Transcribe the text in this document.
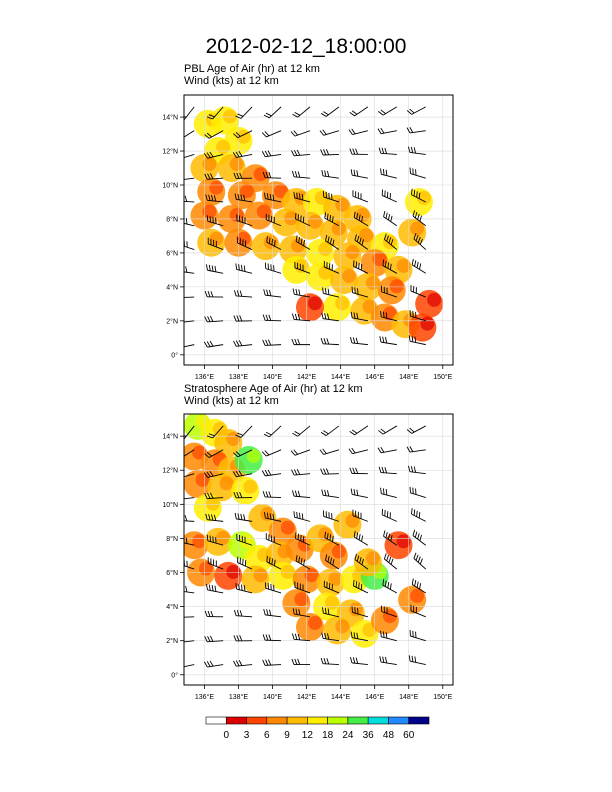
2012-02-12_18:00:00
PBL Age of Air (hr) at 12 km
Wind (kts) at 12 km
136°E 138°E 140°E 142°E 144°E 146°E 148°E 150°E
0°
2°N
4°N
6°N
8°N
10°N
12°N
14°N
Stratosphere Age of Air (hr) at 12 km
Wind (kts) at 12 km
136°E 138°E 140°E 142°E 144°E 146°E 148°E 150°E
0°
2°N
4°N
6°N
8°N
10°N
12°N
14°N
0 3 6 9 12 18 24 36 48 60
